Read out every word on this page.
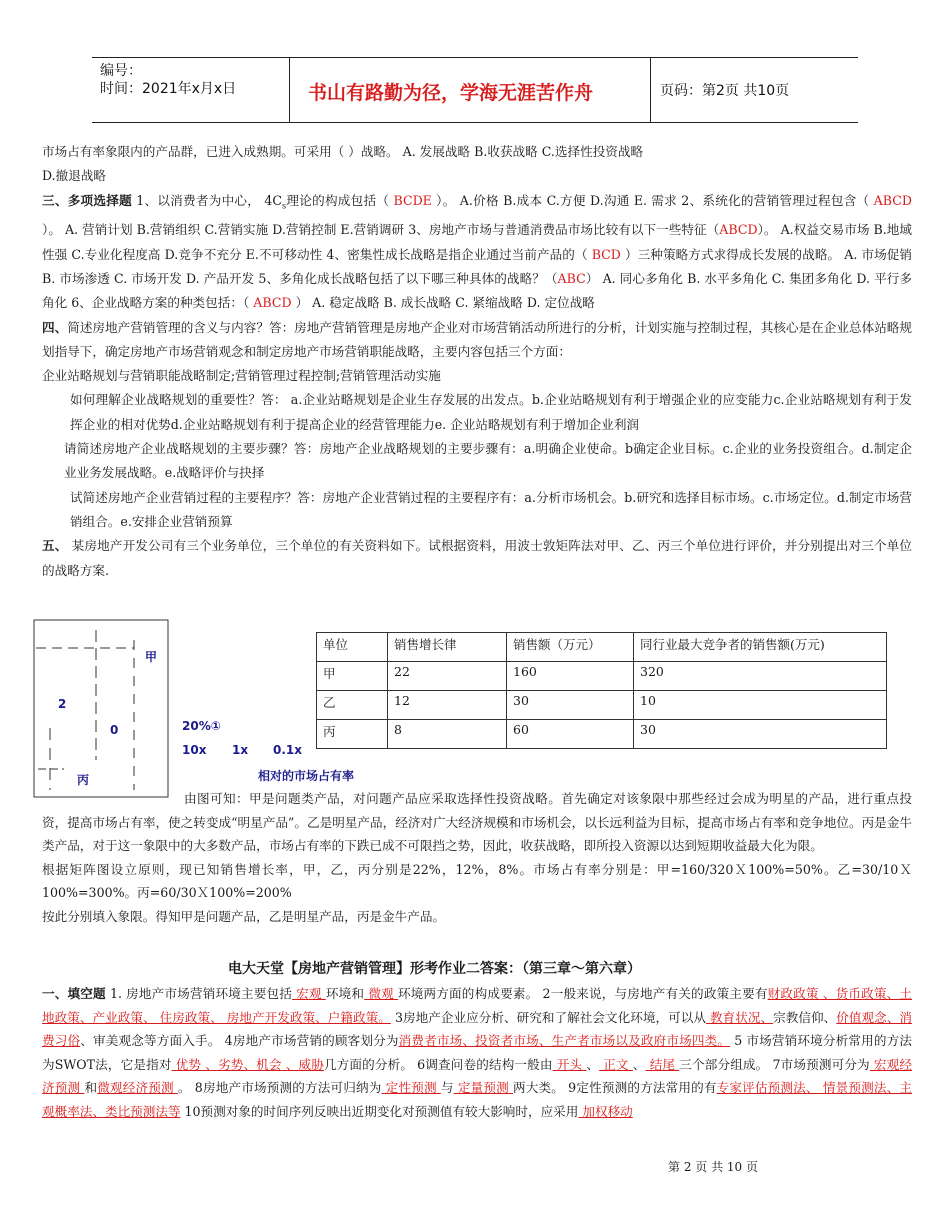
编号：
时间：2021年x月x日	书山有路勤为径，学海无涯苦作舟	页码：第2页 共10页

市场占有率象限内的产品群，已进入成熟期。可采用（ ）战略。 A. 发展战略 B.收获战略 C.选择性投资战略
D.撤退战略

三、多项选择题 1、以消费者为中心， $4C_s$理论的构成包括（ BCDE ）。 A.价格 B.成本 C.方便 D.沟通 E. 需求 2、系统化的营销管理过程包含（ ABCD ）。 A. 营销计划 B.营销组织 C.营销实施 D.营销控制 E.营销调研 3、房地产市场与普通消费品市场比较有以下一些特征（ABCD）。 A.权益交易市场 B.地域性强 C.专业化程度高 D.竞争不充分 E.不可移动性 4、密集性成长战略是指企业通过当前产品的（ BCD ）三种策略方式求得成长发展的战略。 A. 市场促销 B. 市场渗透 C. 市场开发 D. 产品开发 5、多角化成长战略包括了以下哪三种具体的战略？（ABC） A. 同心多角化 B. 水平多角化 C. 集团多角化 D. 平行多角化 6、企业战略方案的种类包括：（ ABCD ） A. 稳定战略 B. 成长战略 C. 紧缩战略 D. 定位战略

四、简述房地产营销管理的含义与内容？答：房地产营销管理是房地产企业对市场营销活动所进行的分析，计划实施与控制过程，其核心是在企业总体站略规划指导下，确定房地产市场营销观念和制定房地产市场营销职能战略，主要内容包括三个方面：

企业站略规划与营销职能战略制定;营销管理过程控制;营销管理活动实施

如何理解企业战略规划的重要性？答： a.企业站略规划是企业生存发展的出发点。b.企业站略规划有利于增强企业的应变能力c.企业站略规划有利于发挥企业的相对优势d.企业站略规划有利于提高企业的经营管理能力e. 企业站略规划有利于增加企业利润

请简述房地产企业战略规划的主要步骤？答：房地产企业战略规划的主要步骤有：a.明确企业使命。b确定企业目标。c.企业的业务投资组合。d.制定企业业务发展战略。e.战略评价与抉择

试简述房地产企业营销过程的主要程序？答：房地产企业营销过程的主要程序有：a.分析市场机会。b.研究和选择目标市场。c.市场定位。d.制定市场营销组合。e.安排企业营销预算

五、 某房地产开发公司有三个业务单位，三个单位的有关资料如下。试根据资料，用波士敦矩阵法对甲、乙、丙三个单位进行评价，并分别提出对三个单位的战略方案.

甲
2
0
丙
20%①
10x 1x 0.1x
相对的市场占有率
单位	销售增长律	销售额（万元）	同行业最大竞争者的销售额(万元)
甲	22	160	320
乙	12	30	10
丙	8	60	30

由图可知：甲是问题类产品，对问题产品应采取选择性投资战略。首先确定对该象限中那些经过会成为明星的产品，进行重点投资，提高市场占有率，使之转变成“明星产品”。乙是明星产品，经济对广大经济规模和市场机会，以长远利益为目标，提高市场占有率和竞争地位。丙是金牛类产品，对于这一象限中的大多数产品，市场占有率的下跌已成不可限挡之势，因此，收获战略，即所投入资源以达到短期收益最大化为限。

根据矩阵图设立原则，现已知销售增长率，甲，乙，丙分别是22%，12%，8%。市场占有率分别是：甲=160/320Ｘ100%=50%。乙=30/10Ｘ100%=300%。丙=60/30Ｘ100%=200%

按此分别填入象限。得知甲是问题产品，乙是明星产品，丙是金牛产品。

电大天堂【房地产营销管理】形考作业二答案：（第三章～第六章）

一、填空题 1. 房地产市场营销环境主要包括 宏观 环境和 微观 环境两方面的构成要素。 2一般来说，与房地产有关的政策主要有财政政策 、货币政策、土地政策、产业政策、 住房政策、 房地产开发政策、户籍政策。 3房地产企业应分析、研究和了解社会文化环境，可以从 教育状况、宗教信仰、价值观念、消费习俗、审美观念等方面入手。 4房地产市场营销的顾客划分为消费者市场、投资者市场、生产者市场以及政府市场四类。 5 市场营销环境分析常用的方法为SWOT法，它是指对 优势 、劣势、机会 、威胁几方面的分析。 6调查问卷的结构一般由 开头 、 正文 、 结尾 三个部分组成。 7市场预测可分为 宏观经济预测 和微观经济预测 。 8房地产市场预测的方法可归纳为 定性预测 与 定量预测 两大类。 9定性预测的方法常用的有专家评估预测法、 情景预测法、主观概率法、类比预测法等 10预测对象的时间序列反映出近期变化对预测值有较大影响时，应采用 加权移动

第 2 页 共 10 页
